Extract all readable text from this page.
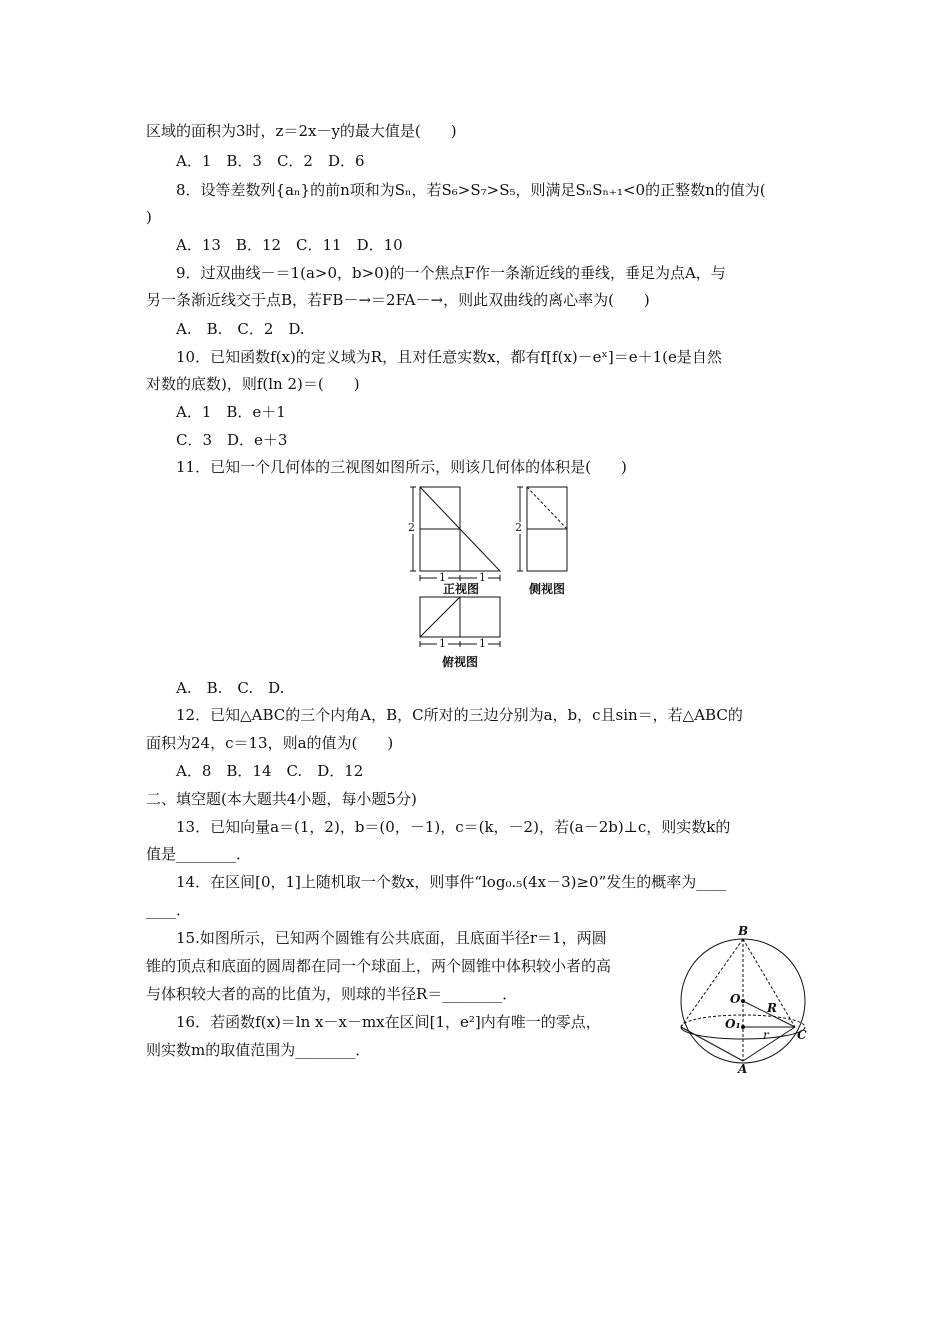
区域的面积为3时，z＝2x－y的最大值是(　　)
A．1　B．3　C．2　D．6
8．设等差数列{aₙ}的前n项和为Sₙ，若S₆>S₇>S₅，则满足SₙSₙ₊₁<0的正整数n的值为(
)
A．13　B．12　C．11　D．10
9．过双曲线－＝1(a>0，b>0)的一个焦点F作一条渐近线的垂线，垂足为点A，与
另一条渐近线交于点B，若FB－→＝2FA－→，则此双曲线的离心率为(　　)
A.　B.　C．2　D.
10．已知函数f(x)的定义域为R，且对任意实数x，都有f[f(x)－eˣ]＝e＋1(e是自然
对数的底数)，则f(ln 2)＝(　　)
A．1　B．e＋1
C．3　D．e＋3
11．已知一个几何体的三视图如图所示，则该几何体的体积是(　　)
2	2
1	1
正视图	侧视图
1	1
俯视图
A.　B.　C.　D.
12．已知△ABC的三个内角A，B，C所对的三边分别为a，b，c且sin＝，若△ABC的
面积为24，c＝13，则a的值为(　　)
A．8　B．14　C.　D．12
二、填空题(本大题共4小题，每小题5分)
13．已知向量a＝(1，2)，b＝(0，－1)，c＝(k，－2)，若(a－2b)⊥c，则实数k的
值是________．
14．在区间[0，1]上随机取一个数x，则事件“log₀.₅(4x－3)≥0”发生的概率为____
____．
15.如图所示，已知两个圆锥有公共底面，且底面半径r＝1，两圆
锥的顶点和底面的圆周都在同一个球面上，两个圆锥中体积较小者的高
与体积较大者的高的比值为，则球的半径R＝________．
16．若函数f(x)＝ln x－x－mx在区间[1，e²]内有唯一的零点，
则实数m的取值范围为________．
B
O
R
O₁
r C
A
